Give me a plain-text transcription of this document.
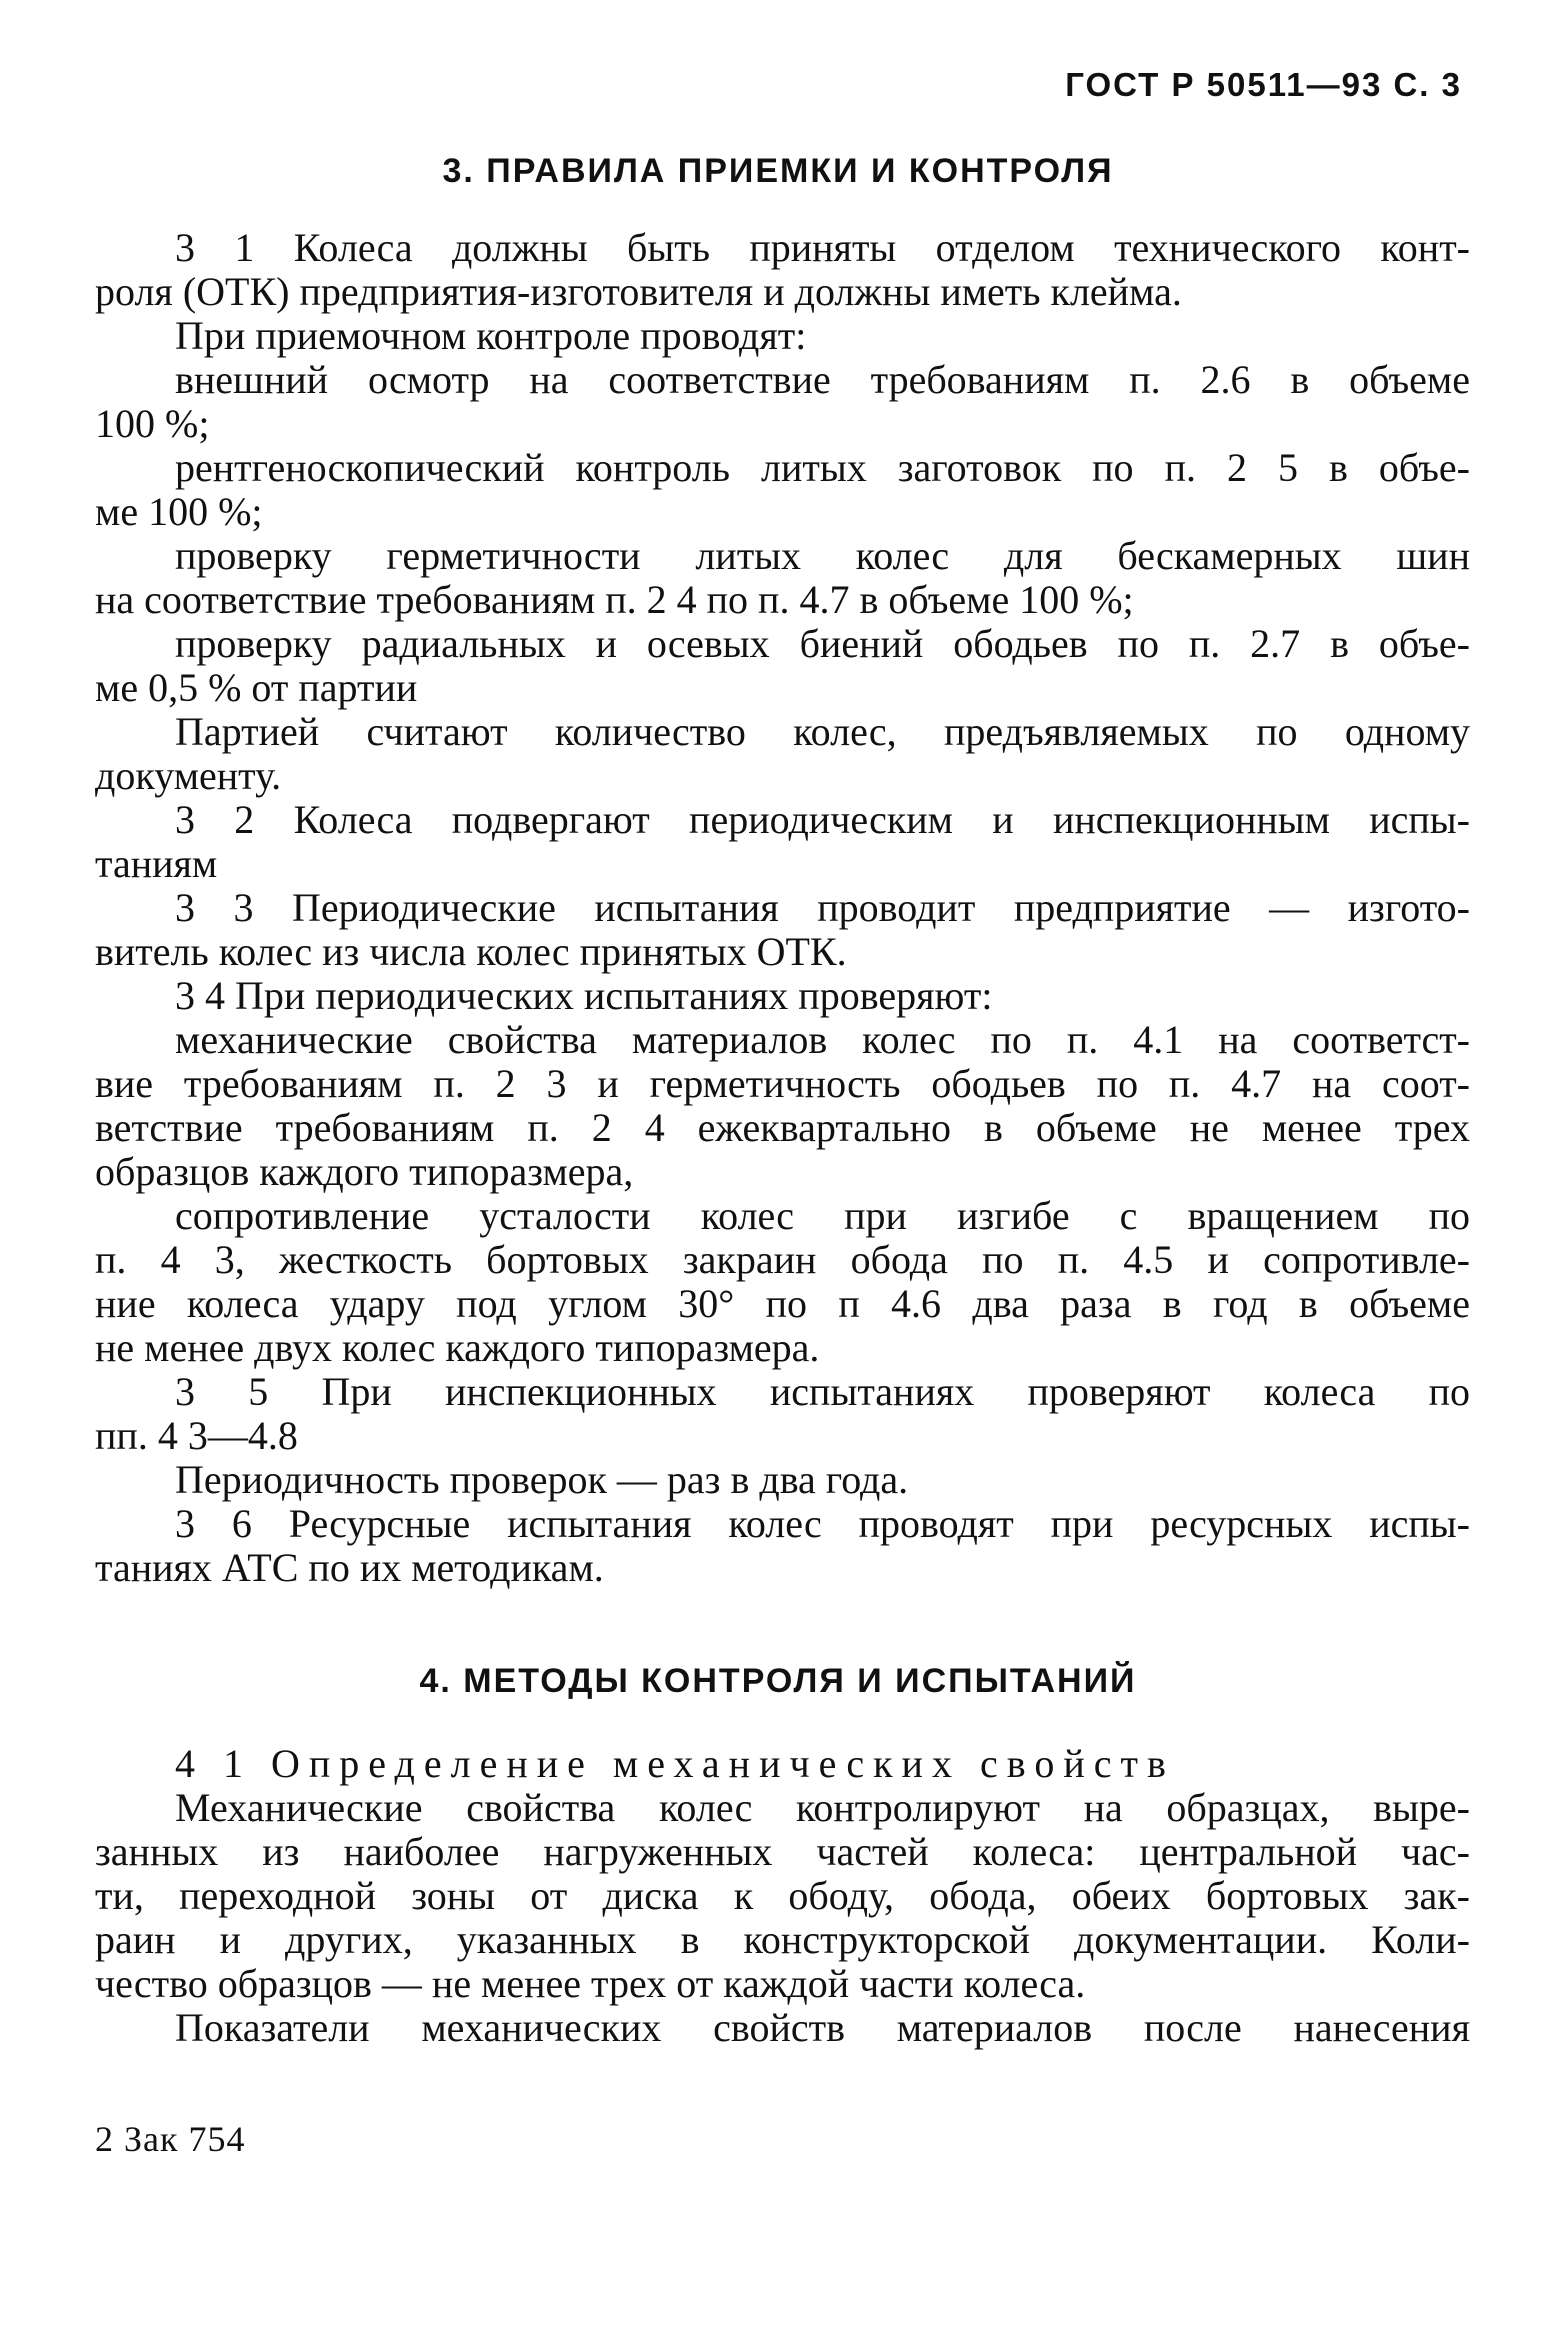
ГОСТ Р 50511—93 С. 3
3. ПРАВИЛА ПРИЕМКИ И КОНТРОЛЯ
3 1 Колеса должны быть приняты отделом технического конт-
роля (ОТК) предприятия-изготовителя и должны иметь клейма.
При приемочном контроле проводят:
внешний осмотр на соответствие требованиям п. 2.6 в объеме
100 %;
рентгеноскопический контроль литых заготовок по п. 2 5 в объе-
ме 100 %;
проверку герметичности литых колес для бескамерных шин
на соответствие требованиям п. 2 4 по п. 4.7 в объеме 100 %;
проверку радиальных и осевых биений ободьев по п. 2.7 в объе-
ме 0,5 % от партии
Партией считают количество колес, предъявляемых по одному
документу.
3 2 Колеса подвергают периодическим и инспекционным испы-
таниям
3 3 Периодические испытания проводит предприятие — изгото-
витель колес из числа колес принятых ОТК.
3 4 При периодических испытаниях проверяют:
механические свойства материалов колес по п. 4.1 на соответст-
вие требованиям п. 2 3 и герметичность ободьев по п. 4.7 на соот-
ветствие требованиям п. 2 4 ежеквартально в объеме не менее трех
образцов каждого типоразмера,
сопротивление усталости колес при изгибе с вращением по
п. 4 3, жесткость бортовых закраин обода по п. 4.5 и сопротивле-
ние колеса удару под углом 30° по п 4.6 два раза в год в объеме
не менее двух колес каждого типоразмера.
3 5 При инспекционных испытаниях проверяют колеса по
пп. 4 3—4.8
Периодичность проверок — раз в два года.
3 6 Ресурсные испытания колес проводят при ресурсных испы-
таниях АТС по их методикам.
4. МЕТОДЫ КОНТРОЛЯ И ИСПЫТАНИЙ
4 1 Определение механических свойств
Механические свойства колес контролируют на образцах, выре-
занных из наиболее нагруженных частей колеса: центральной час-
ти, переходной зоны от диска к ободу, обода, обеих бортовых зак-
раин и других, указанных в конструкторской документации. Коли-
чество образцов — не менее трех от каждой части колеса.
Показатели механических свойств материалов после нанесения
2 Зак 754
